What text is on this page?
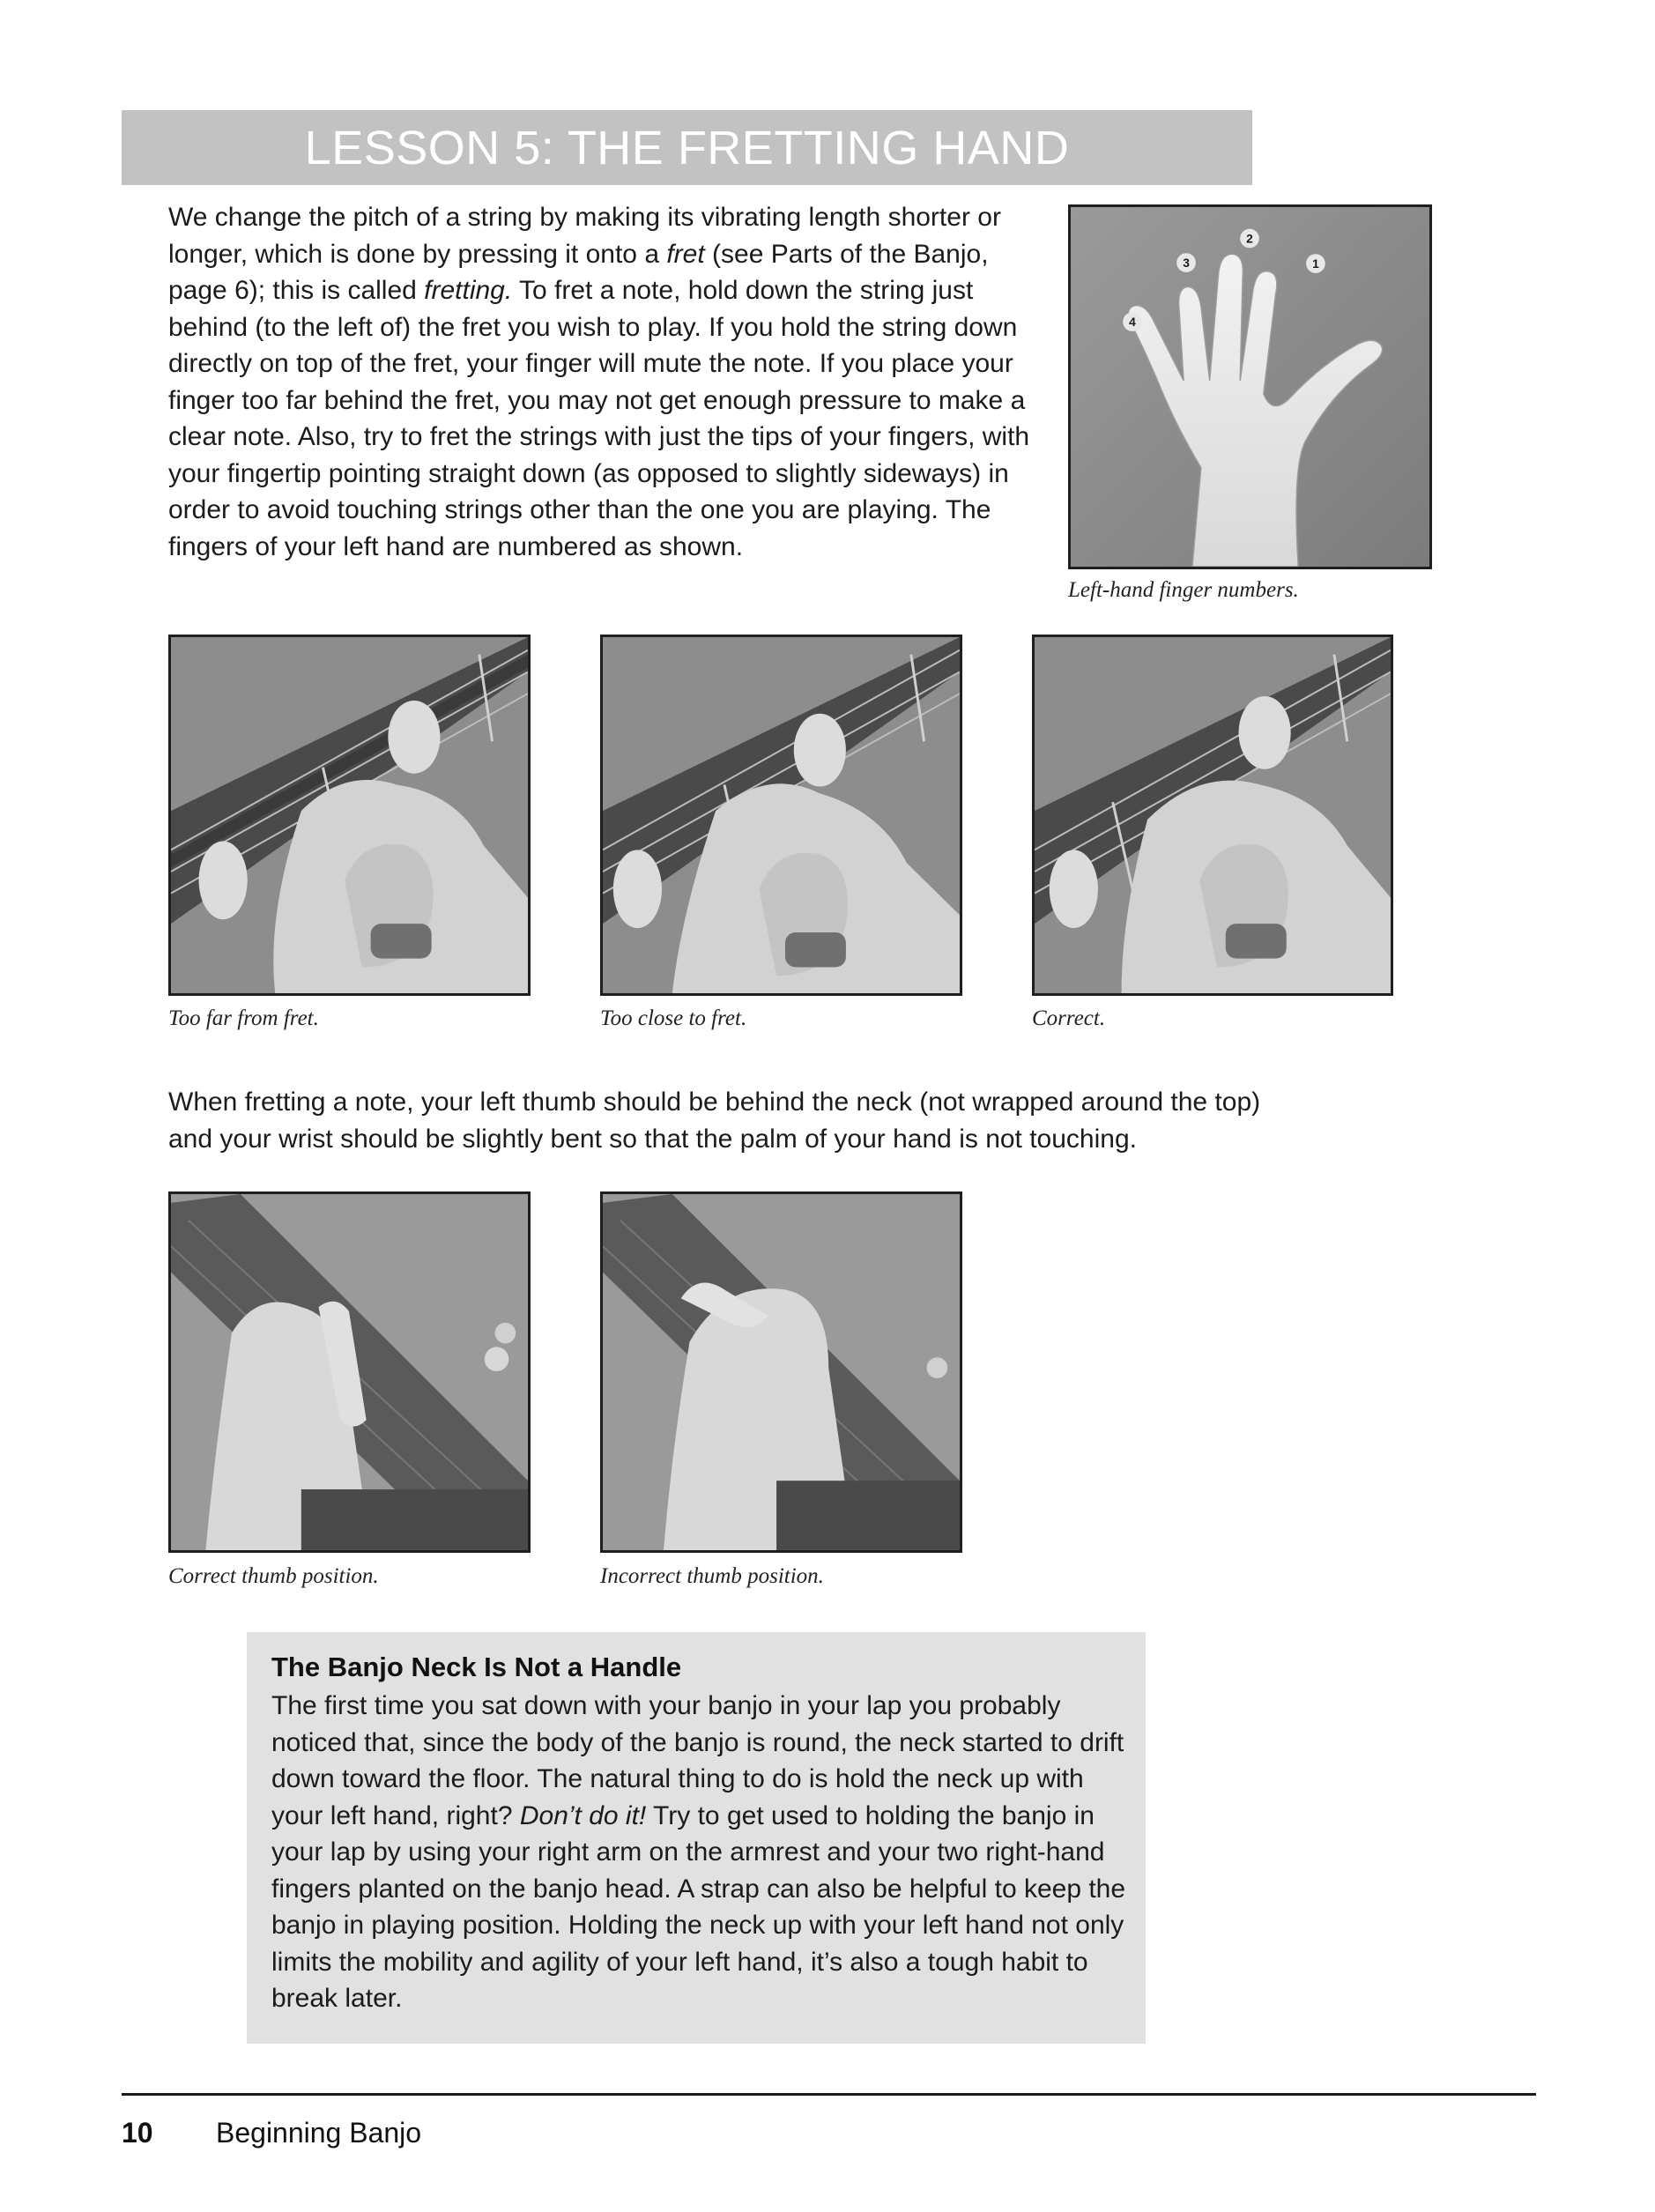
LESSON 5: THE FRETTING HAND
We change the pitch of a string by making its vibrating length shorter or longer, which is done by pressing it onto a fret (see Parts of the Banjo, page 6); this is called fretting. To fret a note, hold down the string just behind (to the left of) the fret you wish to play. If you hold the string down directly on top of the fret, your finger will mute the note. If you place your finger too far behind the fret, you may not get enough pressure to make a clear note. Also, try to fret the strings with just the tips of your fingers, with your fingertip pointing straight down (as opposed to slightly sideways) in order to avoid touching strings other than the one you are playing. The fingers of your left hand are numbered as shown.
1
2
3
4
Left-hand finger numbers.
Too far from fret.	Too close to fret.	Correct.
When fretting a note, your left thumb should be behind the neck (not wrapped around the top) and your wrist should be slightly bent so that the palm of your hand is not touching.
Correct thumb position.	Incorrect thumb position.
The Banjo Neck Is Not a Handle
The first time you sat down with your banjo in your lap you probably noticed that, since the body of the banjo is round, the neck started to drift down toward the floor. The natural thing to do is hold the neck up with your left hand, right? Don’t do it! Try to get used to holding the banjo in your lap by using your right arm on the armrest and your two right-hand fingers planted on the banjo head. A strap can also be helpful to keep the banjo in playing position. Holding the neck up with your left hand not only limits the mobility and agility of your left hand, it’s also a tough habit to break later.
10 Beginning Banjo
